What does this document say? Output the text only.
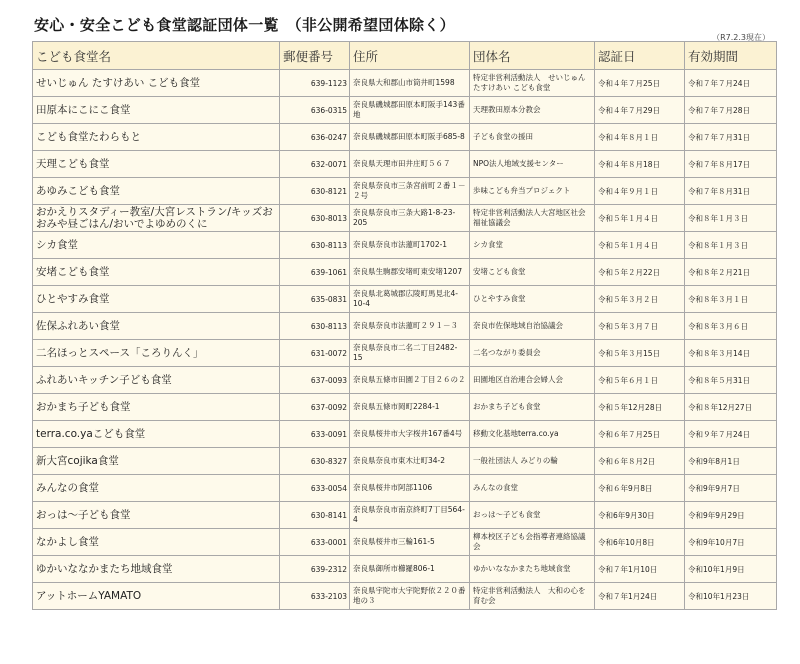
安心・安全こども食堂認証団体一覧　（非公開希望団体除く）
（R7.2.3現在）
こども食堂名	郵便番号	住所	団体名	認証日	有効期間
せいじゅん たすけあい こども食堂	639-1123	奈良県大和郡山市筒井町1598	特定非営利活動法人　せいじゅんたすけあい こども食堂	令和４年７月25日	令和７年７月24日
田原本にこにこ食堂	636-0315	奈良県磯城郡田原本町阪手143番地	天理教田原本分教会	令和４年７月29日	令和７年７月28日
こども食堂たわらもと	636-0247	奈良県磯城郡田原本町阪手685-8	子ども食堂の援田	令和４年８月１日	令和７年７月31日
天理こども食堂	632-0071	奈良県天理市田井庄町５６７	NPO法人地域支援センター	令和４年８月18日	令和７年８月17日
あゆみこども食堂	630-8121	奈良県奈良市三条宮前町２番１－２号	歩味こども弁当プロジェクト	令和４年９月１日	令和７年８月31日
おかえりスタディー教室/大宮レストラン/キッズおおみや昼ごはん/おいでよゆめのくに	630-8013	奈良県奈良市三条大路1-8-23-205	特定非営利活動法人大宮地区社会福祉協議会	令和５年１月４日	令和８年１月３日
シカ食堂	630-8113	奈良県奈良市法蓮町1702-1	シカ食堂	令和５年１月４日	令和８年１月３日
安堵こども食堂	639-1061	奈良県生駒郡安堵町東安堵1207	安堵こども食堂	令和５年２月22日	令和８年２月21日
ひとやすみ食堂	635-0831	奈良県北葛城郡広陵町馬見北4-10-4	ひとやすみ食堂	令和５年３月２日	令和８年３月１日
佐保ふれあい食堂	630-8113	奈良県奈良市法蓮町２９１－３	奈良市佐保地域自治協議会	令和５年３月７日	令和８年３月６日
二名ほっとスペース「ころりんく」	631-0072	奈良県奈良市二名二丁目2482-15	二名つながり委員会	令和５年３月15日	令和８年３月14日
ふれあいキッチン子ども食堂	637-0093	奈良県五條市田園２丁目２６の２	田園地区自治連合会婦人会	令和５年６月１日	令和８年５月31日
おかまち子ども食堂	637-0092	奈良県五條市岡町2284-1	おかまち子ども食堂	令和５年12月28日	令和８年12月27日
terra.co.yaこども食堂	633-0091	奈良県桜井市大字桜井167番4号	移動文化基地terra.co.ya	令和６年７月25日	令和９年７月24日
新大宮cojika食堂	630-8327	奈良県奈良市東木辻町34-2	一般社団法人 みどりの輪	令和６年８月2日	令和9年8月1日
みんなの食堂	633-0054	奈良県桜井市阿部1106	みんなの食堂	令和６年9月8日	令和9年9月7日
おっは～子ども食堂	630-8141	奈良県奈良市南京終町7丁目564-4	おっは～子ども食堂	令和6年9月30日	令和9年9月29日
なかよし食堂	633-0001	奈良県桜井市三輪161-5	柳本校区子ども会指導者連絡協議会	令和6年10月8日	令和9年10月7日
ゆかいななかまたち地域食堂	639-2312	奈良県御所市櫛羅806-1	ゆかいななかまたち地域食堂	令和７年1月10日	令和10年1月9日
アットホームYAMATO	633-2103	奈良県宇陀市大宇陀野依２２０番地の３	特定非営利活動法人　大和の心を育む会	令和７年1月24日	令和10年1月23日
